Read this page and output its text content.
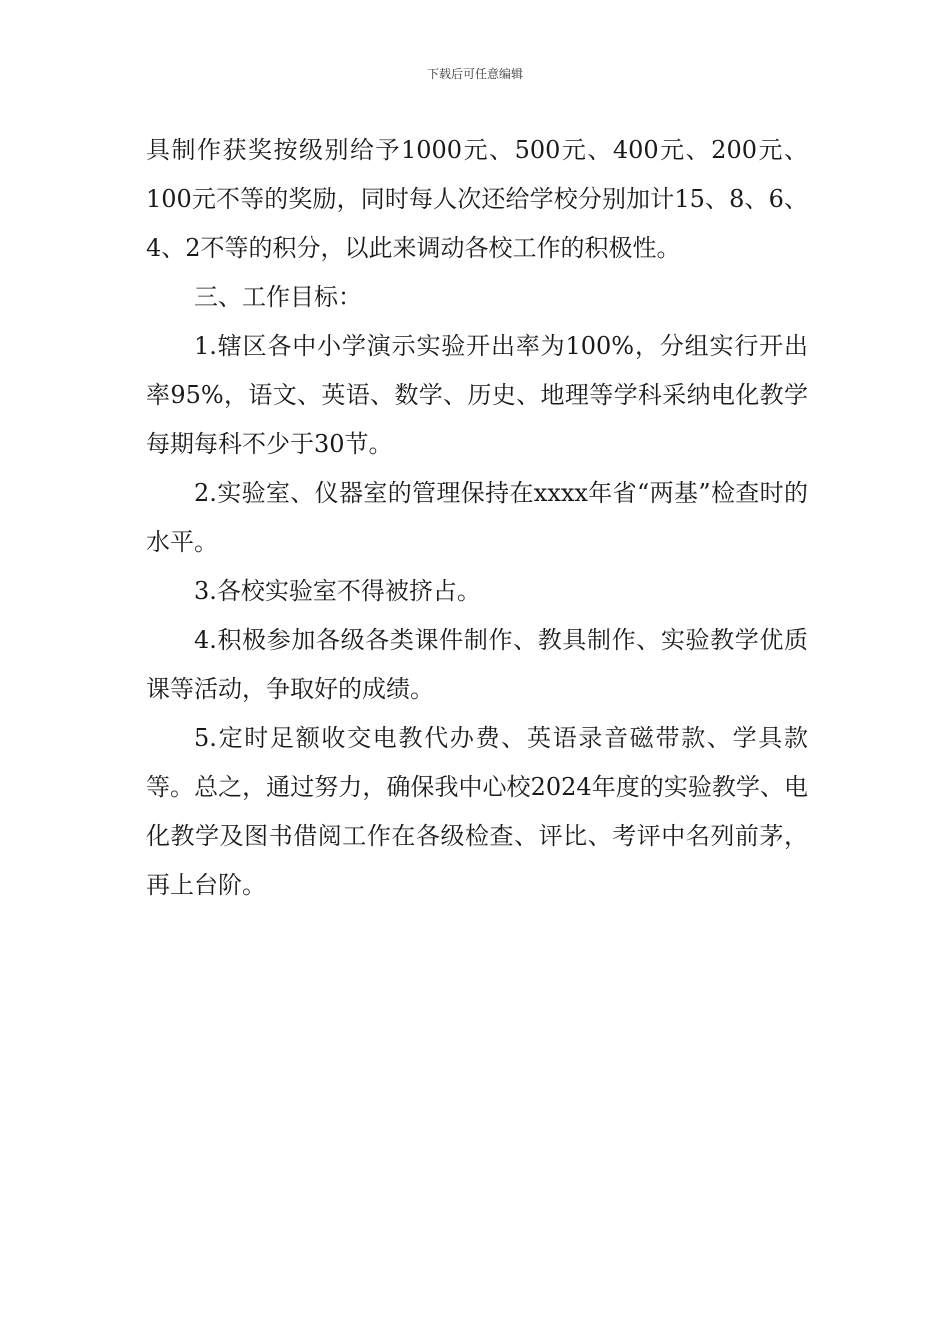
下载后可任意编辑

具制作获奖按级别给予1000元、500元、400元、200元、100元不等的奖励，同时每人次还给学校分别加计15、8、6、4、2不等的积分，以此来调动各校工作的积极性。

三、工作目标：

1.辖区各中小学演示实验开出率为100%，分组实行开出率95%，语文、英语、数学、历史、地理等学科采纳电化教学每期每科不少于30节。

2.实验室、仪器室的管理保持在xxxx年省“两基”检查时的水平。

3.各校实验室不得被挤占。

4.积极参加各级各类课件制作、教具制作、实验教学优质课等活动，争取好的成绩。

5.定时足额收交电教代办费、英语录音磁带款、学具款等。总之，通过努力，确保我中心校2024年度的实验教学、电化教学及图书借阅工作在各级检查、评比、考评中名列前茅，再上台阶。
